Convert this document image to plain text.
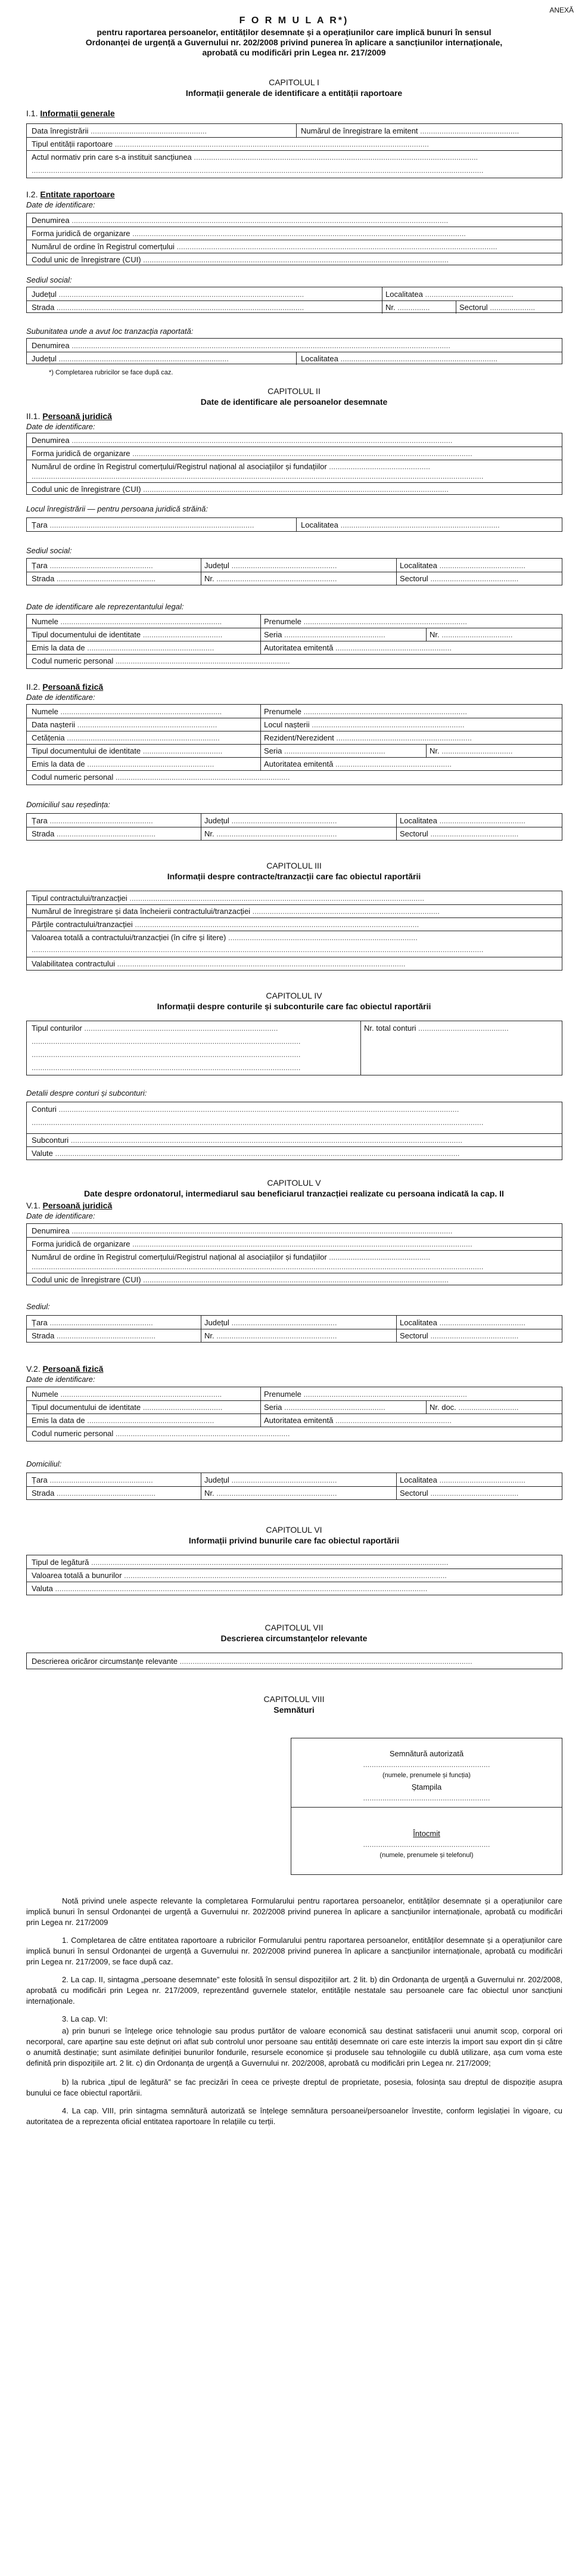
ANEXĂ
F O R M U L A R*)
pentru raportarea persoanelor, entităților desemnate și a operațiunilor care implică bunuri în sensul
Ordonanței de urgență a Guvernului nr. 202/2008 privind punerea în aplicare a sancțiunilor internaționale,
aprobată cu modificări prin Legea nr. 217/2009
CAPITOLUL I
Informații generale de identificare a entității raportoare
I.1. Informații generale
Data înregistrării ......................................................	Numărul de înregistrare la emitent ..............................................
Tipul entității raportoare ..................................................................................................................................................
Actul normativ prin care s-a instituit sancțiunea ....................................................................................................................................
..................................................................................................................................................................................................................
I.2. Entitate raportoare
Date de identificare:
Denumirea ...............................................................................................................................................................................
Forma juridică de organizare ...........................................................................................................................................................
Numărul de ordine în Registrul comerțului .....................................................................................................................................................
Codul unic de înregistrare (CUI) ..............................................................................................................................................
Sediul social:
Județul ..................................................................................................................	Localitatea .........................................
Strada ...................................................................................................................	Nr. ...............	Sectorul .....................
Subunitatea unde a avut loc tranzacția raportată:
Denumirea ................................................................................................................................................................................
Județul ...............................................................................	Localitatea .........................................................................
*) Completarea rubricilor se face după caz.
CAPITOLUL II
Date de identificare ale persoanelor desemnate
II.1. Persoană juridică
Date de identificare:
Denumirea .................................................................................................................................................................................
Forma juridică de organizare ..............................................................................................................................................................
Numărul de ordine în Registrul comerțului/Registrul național al asociațiilor și fundațiilor ...............................................
..................................................................................................................................................................................................................
Codul unic de înregistrare (CUI) ..............................................................................................................................................
Locul înregistrării — pentru persoana juridică străină:
Țara ...............................................................................................	Localitatea ..........................................................................
Sediul social:
Țara ................................................	Județul .................................................	Localitatea ........................................
Strada ..............................................	Nr. ........................................................	Sectorul .........................................
Date de identificare ale reprezentantului legal:
Numele ...........................................................................	Prenumele ............................................................................
Tipul documentului de identitate .....................................	Seria ...............................................	Nr. .................................
Emis la data de ...........................................................	Autoritatea emitentă ......................................................
Codul numeric personal .................................................................................
II.2. Persoană fizică
Date de identificare:
Numele ...........................................................................	Prenumele ............................................................................
Data nașterii .................................................................	Locul nașterii .......................................................................
Cetățenia .......................................................................	Rezident/Nerezident ...............................................................
Tipul documentului de identitate .....................................	Seria ...............................................	Nr. .................................
Emis la data de ...........................................................	Autoritatea emitentă ......................................................
Codul numeric personal .................................................................................
Domiciliul sau reședința:
Țara ................................................	Județul .................................................	Localitatea ........................................
Strada ..............................................	Nr. ........................................................	Sectorul .........................................
CAPITOLUL III
Informații despre contracte/tranzacții care fac obiectul raportării
Tipul contractului/tranzacției .........................................................................................................................................
Numărul de înregistrare și data încheierii contractului/tranzacției .......................................................................................
Părțile contractului/tranzacției ....................................................................................................................................
Valoarea totală a contractului/tranzacției (în cifre și litere) ........................................................................................
..................................................................................................................................................................................................................
Valabilitatea contractului ......................................................................................................................................
CAPITOLUL IV
Informații despre conturile și subconturile care fac obiectul raportării
Tipul conturilor ..........................................................................................
.............................................................................................................................
.............................................................................................................................
.............................................................................................................................
Nr. total conturi ..........................................
Detalii despre conturi și subconturi:
Conturi ..........................................................................................................................................................................................
..................................................................................................................................................................................................................
Subconturi ......................................................................................................................................................................................
Valute ............................................................................................................................................................................................
CAPITOLUL V
Date despre ordonatorul, intermediarul sau beneficiarul tranzacției realizate cu persoana indicată la cap. II
V.1. Persoană juridică
Date de identificare:
Denumirea .................................................................................................................................................................................
Forma juridică de organizare ..............................................................................................................................................................
Numărul de ordine în Registrul comerțului/Registrul național al asociațiilor și fundațiilor ...............................................
..................................................................................................................................................................................................................
Codul unic de înregistrare (CUI) ..............................................................................................................................................
Sediul:
Țara ................................................	Județul .................................................	Localitatea ........................................
Strada ..............................................	Nr. ........................................................	Sectorul .........................................
V.2. Persoană fizică
Date de identificare:
Numele ...........................................................................	Prenumele ............................................................................
Tipul documentului de identitate .....................................	Seria ...............................................	Nr. doc. ............................
Emis la data de ...........................................................	Autoritatea emitentă ......................................................
Codul numeric personal .................................................................................
Domiciliul:
Țara ................................................	Județul .................................................	Localitatea ........................................
Strada ..............................................	Nr. ........................................................	Sectorul .........................................
CAPITOLUL VI
Informații privind bunurile care fac obiectul raportării
Tipul de legătură ......................................................................................................................................................................
Valoarea totală a bunurilor ......................................................................................................................................................
Valuta .............................................................................................................................................................................
CAPITOLUL VII
Descrierea circumstanțelor relevante
Descrierea oricăror circumstanțe relevante ........................................................................................................................................
CAPITOLUL VIII
Semnături
Semnătură autorizată
...........................................................
(numele, prenumele și funcția)
Ștampila
...........................................................
Întocmit
...........................................................
(numele, prenumele și telefonul)
Notă privind unele aspecte relevante la completarea Formularului pentru raportarea persoanelor, entităților desemnate și a operațiunilor care implică bunuri în sensul Ordonanței de urgență a Guvernului nr. 202/2008 privind punerea în aplicare a sancțiunilor internaționale, aprobată cu modificări prin Legea nr. 217/2009
1. Completarea de către entitatea raportoare a rubricilor Formularului pentru raportarea persoanelor, entităților desemnate și a operațiunilor care implică bunuri în sensul Ordonanței de urgență a Guvernului nr. 202/2008 privind punerea în aplicare a sancțiunilor internaționale, aprobată cu modificări prin Legea nr. 217/2009, se face după caz.
2. La cap. II, sintagma „persoane desemnate” este folosită în sensul dispozițiilor art. 2 lit. b) din Ordonanța de urgență a Guvernului nr. 202/2008, aprobată cu modificări prin Legea nr. 217/2009, reprezentând guvernele statelor, entitățile nestatale sau persoanele care fac obiectul unor sancțiuni internaționale.
3. La cap. VI:
a) prin bunuri se înțelege orice tehnologie sau produs purtător de valoare economică sau destinat satisfacerii unui anumit scop, corporal ori necorporal, care aparține sau este deținut ori aflat sub controlul unor persoane sau entități desemnate ori care este interzis la import sau export din și către o anumită destinație; sunt asimilate definiției bunurilor fondurile, resursele economice și produsele sau tehnologiile cu dublă utilizare, așa cum voma este definită prin dispozițiile art. 2 lit. c) din Ordonanța de urgență a Guvernului nr. 202/2008, aprobată cu modificări prin Legea nr. 217/2009;
b) la rubrica „tipul de legătură” se fac precizări în ceea ce privește dreptul de proprietate, posesia, folosința sau dreptul de dispoziție asupra bunului ce face obiectul raportării.
4. La cap. VIII, prin sintagma semnătură autorizată se înțelege semnătura persoanei/persoanelor învestite, conform legislației în vigoare, cu autoritatea de a reprezenta oficial entitatea raportoare în relațiile cu terții.
